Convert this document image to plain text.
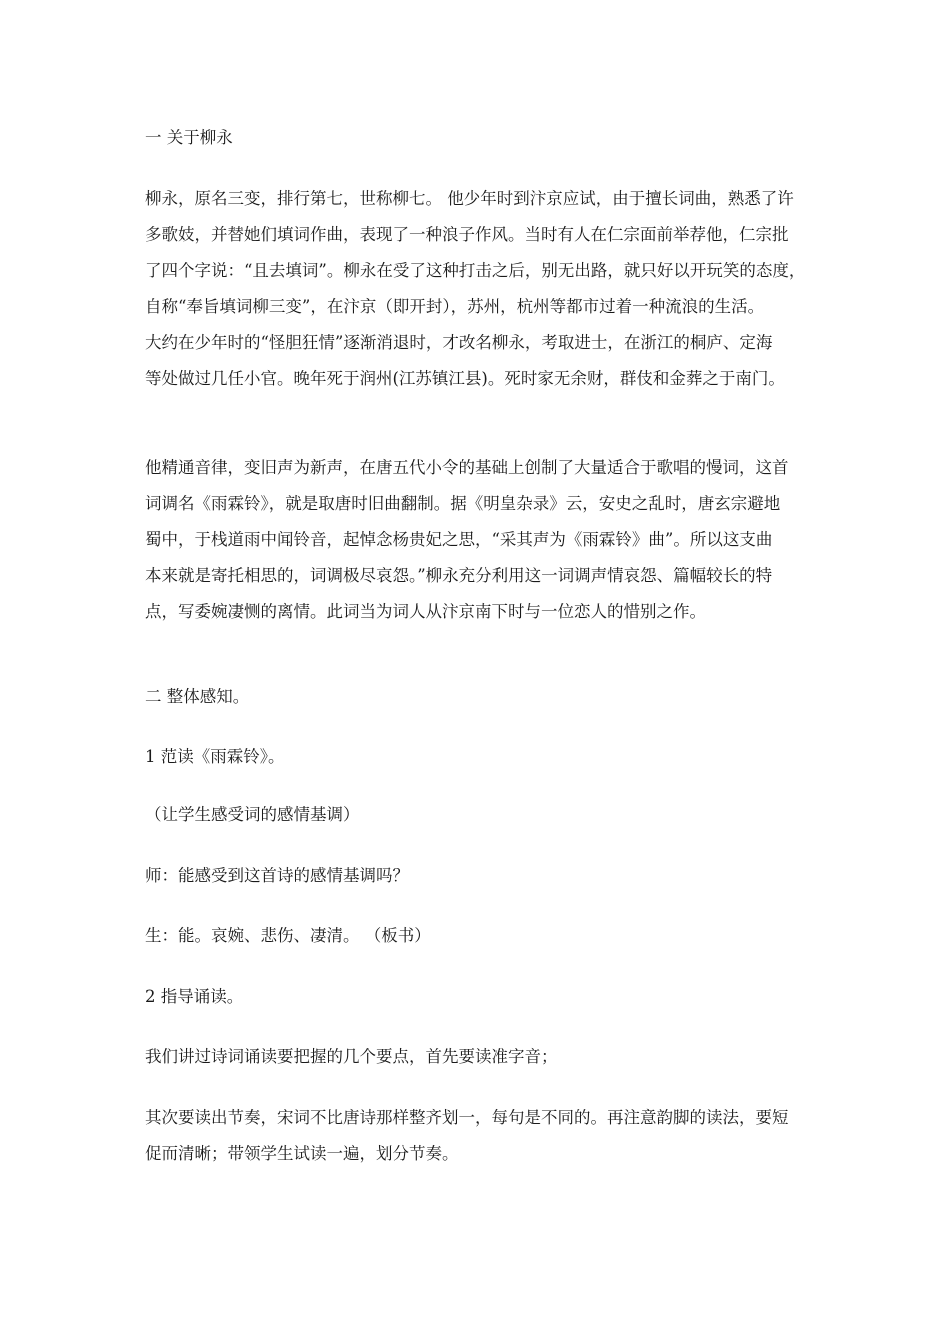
一 关于柳永

柳永，原名三变，排行第七，世称柳七。 他少年时到汴京应试，由于擅长词曲，熟悉了许
多歌妓，并替她们填词作曲，表现了一种浪子作风。当时有人在仁宗面前举荐他，仁宗批
了四个字说：“且去填词”。柳永在受了这种打击之后，别无出路，就只好以开玩笑的态度，
自称“奉旨填词柳三变”，在汴京（即开封），苏州，杭州等都市过着一种流浪的生活。
大约在少年时的“怪胆狂情”逐渐消退时，才改名柳永，考取进士，在浙江的桐庐、定海
等处做过几任小官。晚年死于润州(江苏镇江县)。死时家无余财，群伎和金葬之于南门。

他精通音律，变旧声为新声，在唐五代小令的基础上创制了大量适合于歌唱的慢词，这首
词调名《雨霖铃》，就是取唐时旧曲翻制。据《明皇杂录》云，安史之乱时，唐玄宗避地
蜀中，于栈道雨中闻铃音，起悼念杨贵妃之思，“采其声为《雨霖铃》曲”。所以这支曲
本来就是寄托相思的，词调极尽哀怨。”柳永充分利用这一词调声情哀怨、篇幅较长的特
点，写委婉凄恻的离情。此词当为词人从汴京南下时与一位恋人的惜别之作。

二 整体感知。

1 范读《雨霖铃》。

（让学生感受词的感情基调）

师：能感受到这首诗的感情基调吗？

生：能。哀婉、悲伤、凄清。 （板书）

2 指导诵读。

我们讲过诗词诵读要把握的几个要点，首先要读准字音；

其次要读出节奏，宋词不比唐诗那样整齐划一，每句是不同的。再注意韵脚的读法，要短
促而清晰；带领学生试读一遍，划分节奏。
